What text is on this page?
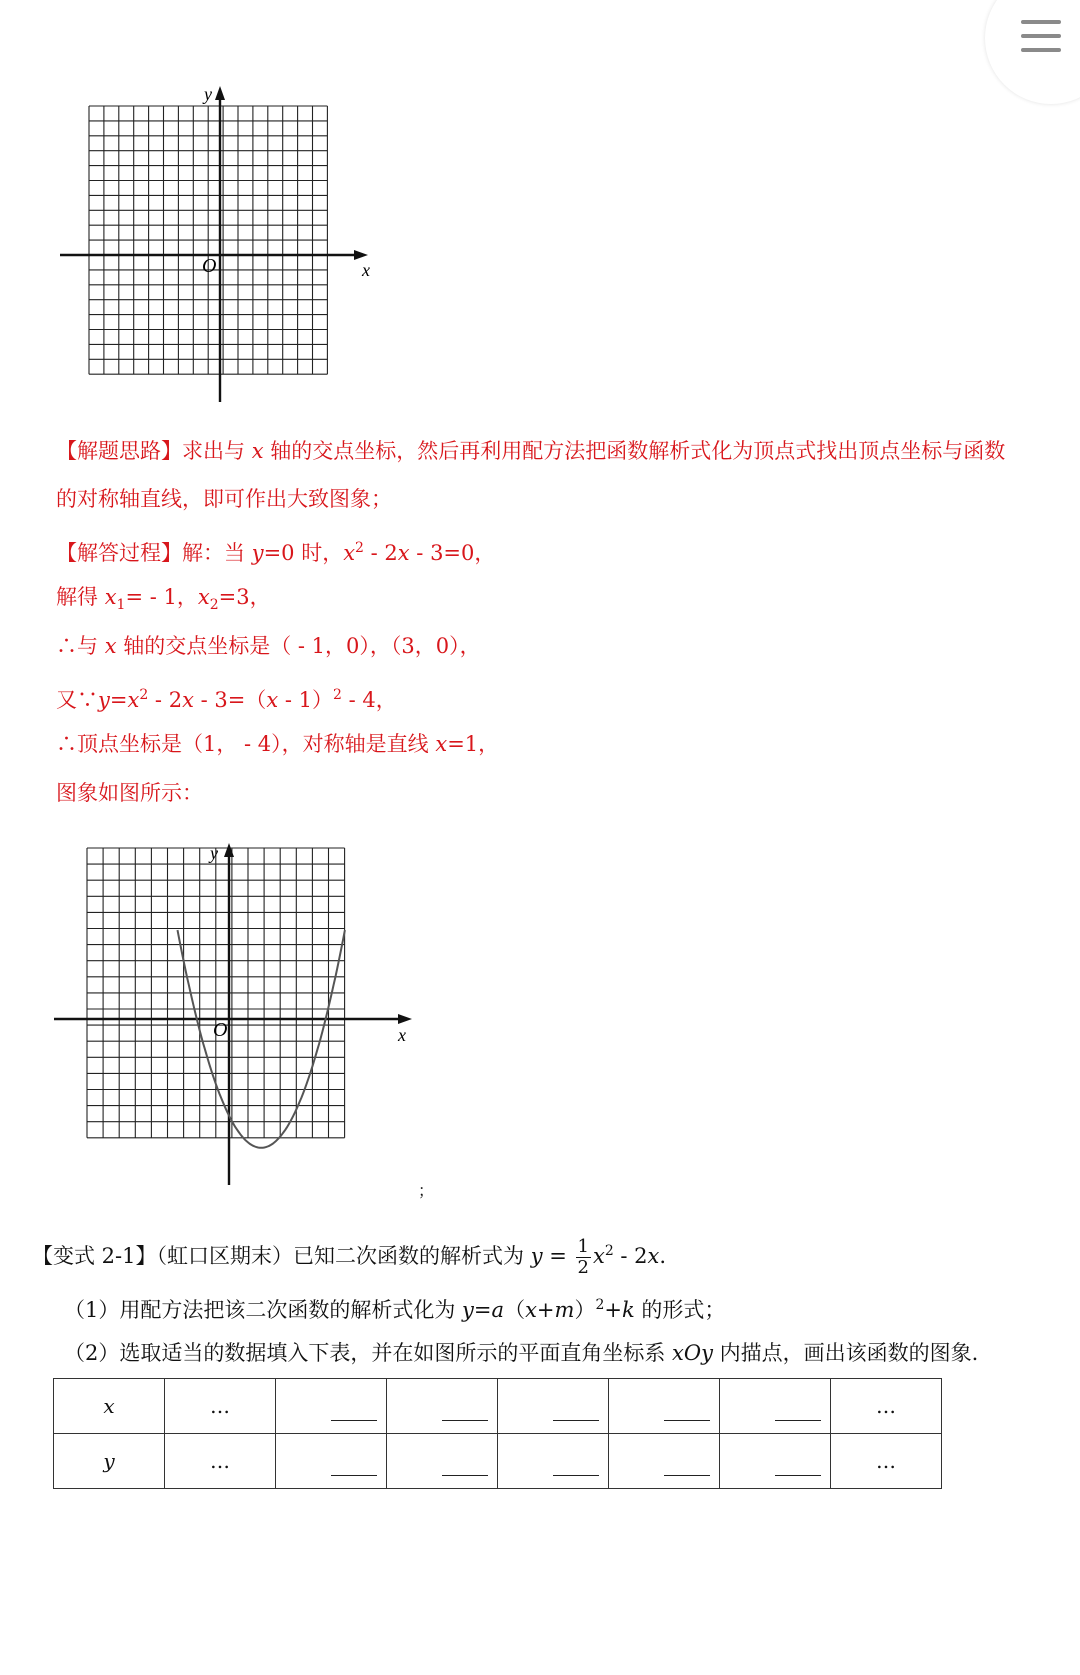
y
x
O
【解题思路】求出与 x 轴的交点坐标，然后再利用配方法把函数解析式化为顶点式找出顶点坐标与函数
的对称轴直线，即可作出大致图象；
【解答过程】解：当 y=0 时，$x^2 - 2x - 3=0$，
解得 $x_1= - 1$，$x_2=3$，
∴与 x 轴的交点坐标是（ - 1，0），（3，0），
又$\because y=x^2 - 2x - 3=(x - 1)^2 - 4$，
∴顶点坐标是（1， - 4），对称轴是直线 x=1，
图象如图所示：
y
x
O
；
【变式 2-1】（虹口区期末）已知二次函数的解析式为 $y = \frac{1}{2} x^2 - 2x$.
（1）用配方法把该二次函数的解析式化为 $y=a(x+m)^2+k$ 的形式；
（2）选取适当的数据填入下表，并在如图所示的平面直角坐标系 xOy 内描点，画出该函数的图象.
x	…						…
y	…						…
